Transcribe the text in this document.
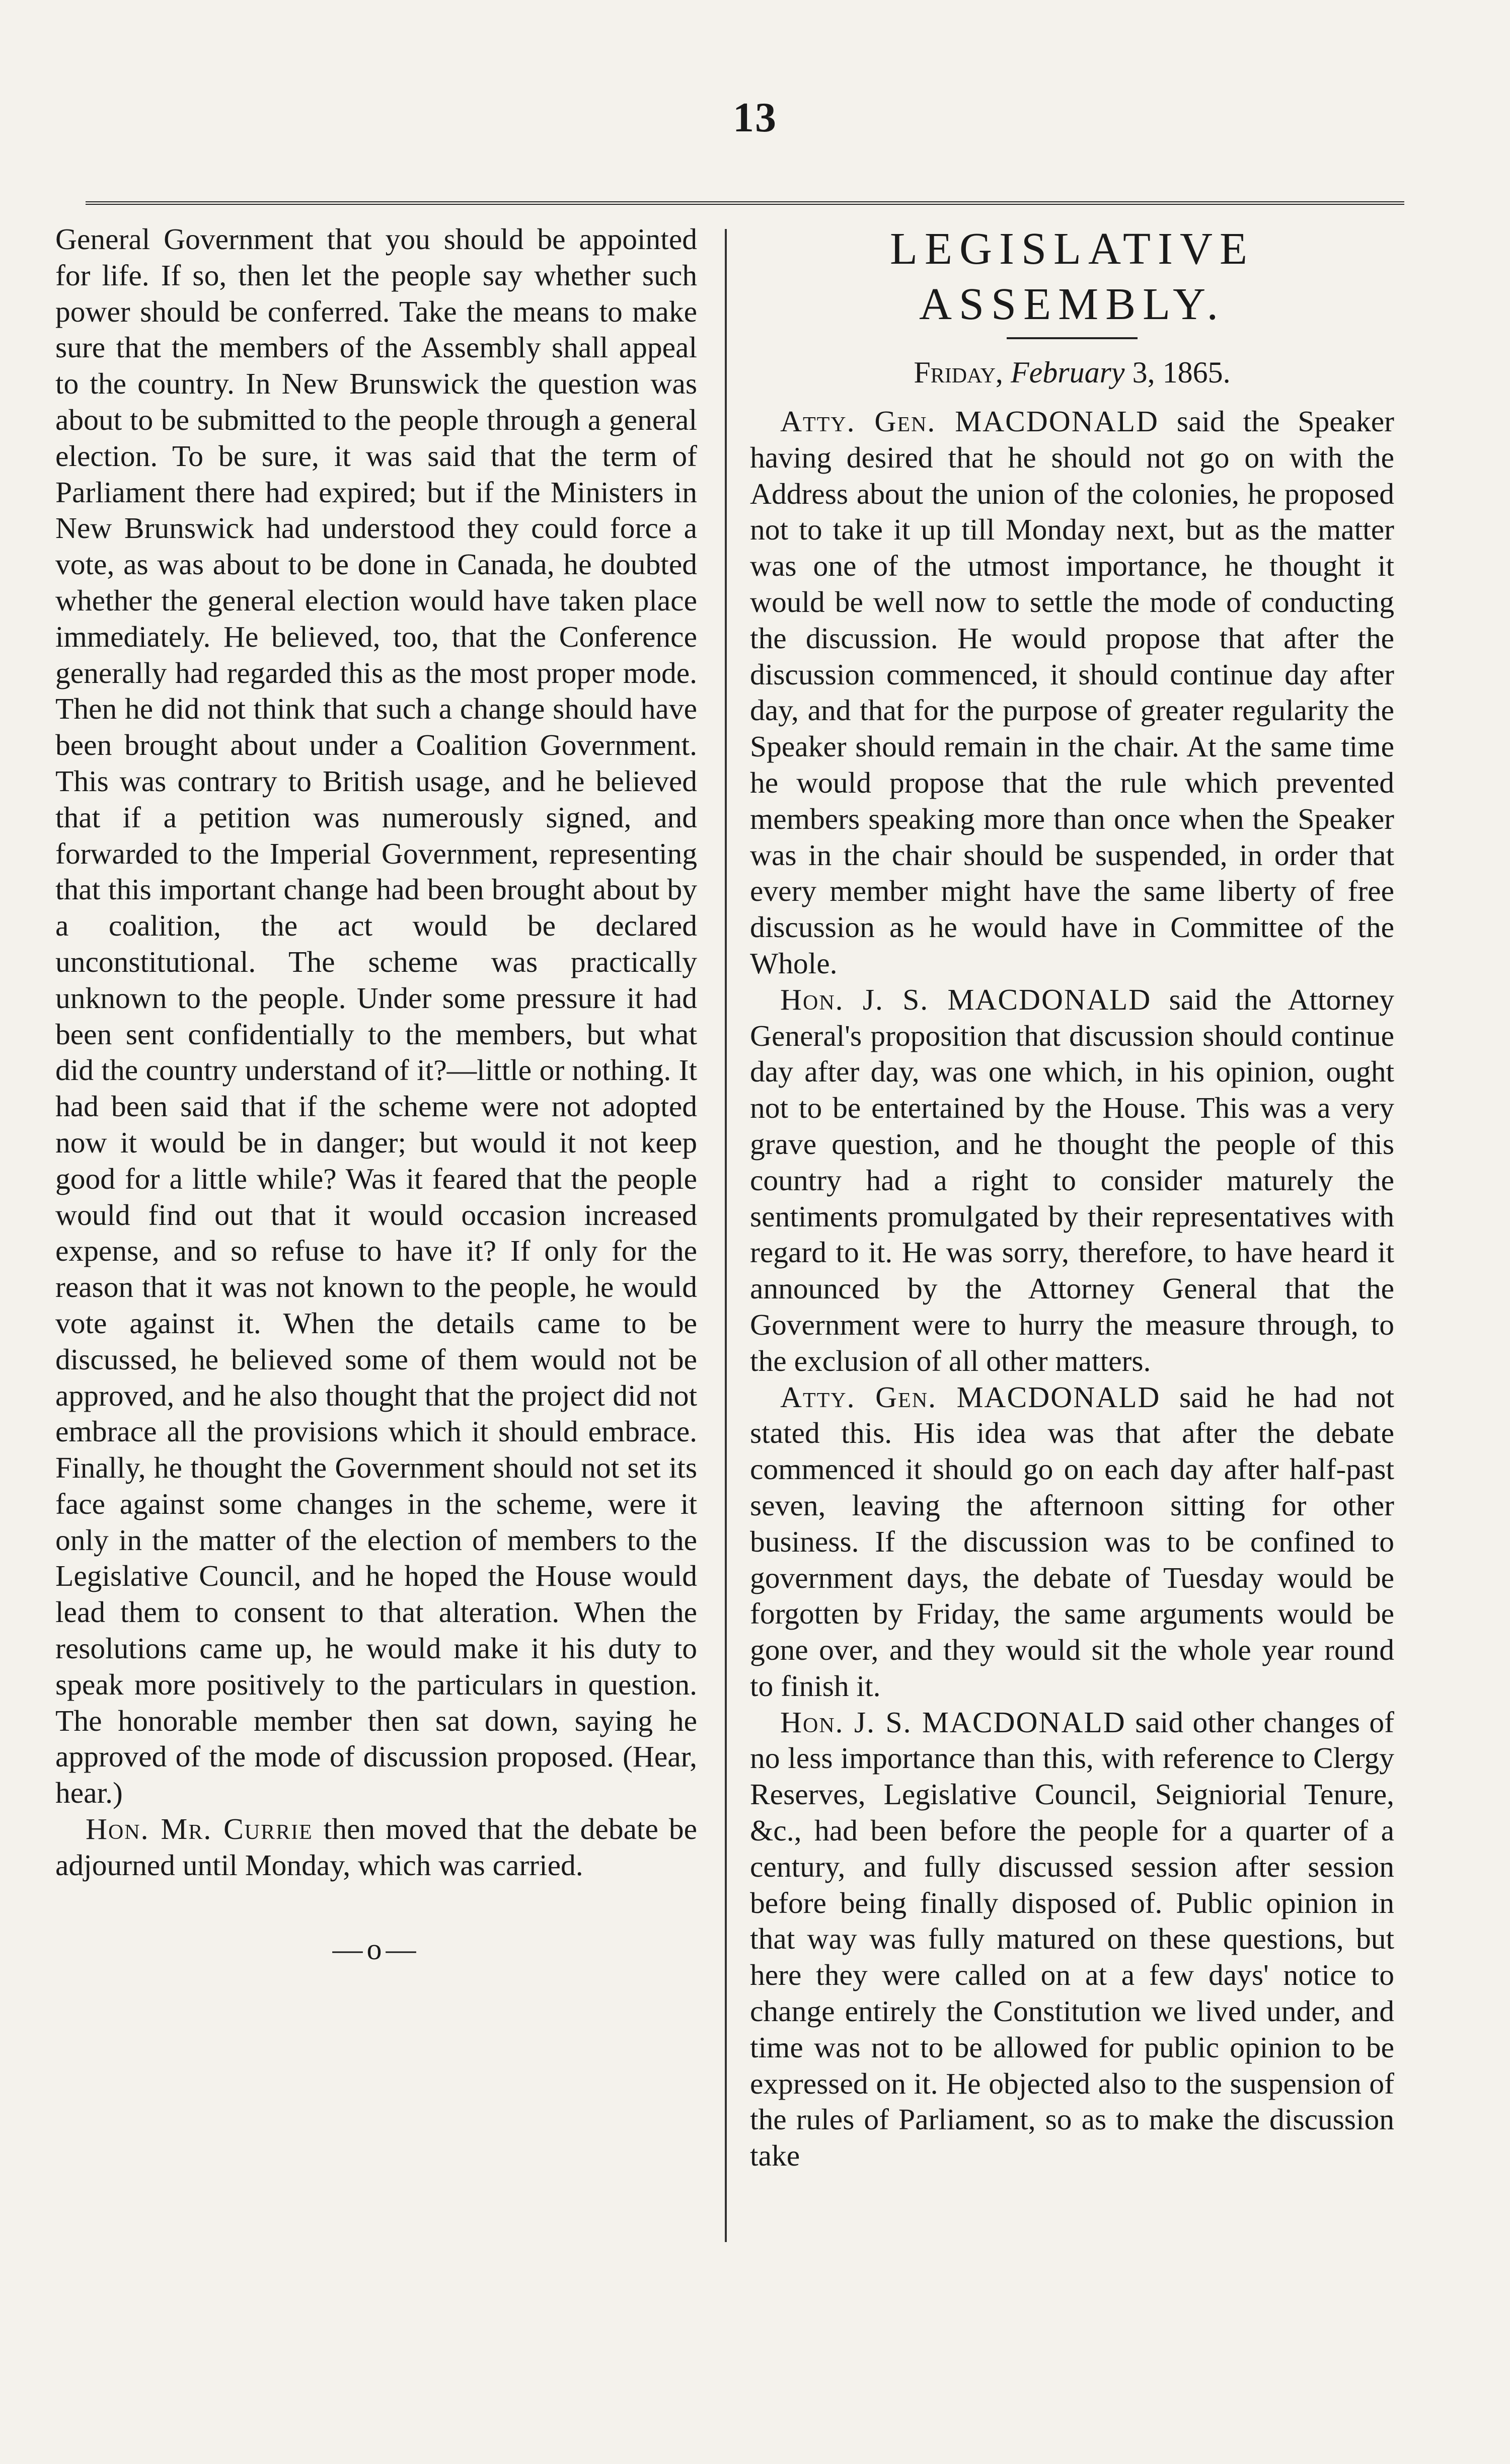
13

General Government that you should be appointed for life. If so, then let the people say whether such power should be conferred. Take the means to make sure that the members of the Assembly shall appeal to the country. In New Brunswick the question was about to be submitted to the people through a general election. To be sure, it was said that the term of Parliament there had expired; but if the Ministers in New Brunswick had understood they could force a vote, as was about to be done in Canada, he doubted whether the general election would have taken place immediately. He believed, too, that the Conference generally had regarded this as the most proper mode. Then he did not think that such a change should have been brought about under a Coalition Government. This was contrary to British usage, and he believed that if a petition was numerously signed, and forwarded to the Imperial Government, representing that this important change had been brought about by a coalition, the act would be declared unconstitutional. The scheme was practically unknown to the people. Under some pressure it had been sent confidentially to the members, but what did the country understand of it?—little or nothing. It had been said that if the scheme were not adopted now it would be in danger; but would it not keep good for a little while? Was it feared that the people would find out that it would occasion increased expense, and so refuse to have it? If only for the reason that it was not known to the people, he would vote against it. When the details came to be discussed, he believed some of them would not be approved, and he also thought that the project did not embrace all the provisions which it should embrace. Finally, he thought the Government should not set its face against some changes in the scheme, were it only in the matter of the election of members to the Legislative Council, and he hoped the House would lead them to consent to that alteration. When the resolutions came up, he would make it his duty to speak more positively to the particulars in question. The honorable member then sat down, saying he approved of the mode of discussion proposed. (Hear, hear.)

Hon. Mr. Currie then moved that the debate be adjourned until Monday, which was carried.

—o—
LEGISLATIVE ASSEMBLY.
Friday, February 3, 1865.

Atty. Gen. MACDONALD said the Speaker having desired that he should not go on with the Address about the union of the colonies, he proposed not to take it up till Monday next, but as the matter was one of the utmost importance, he thought it would be well now to settle the mode of conducting the discussion. He would propose that after the discussion commenced, it should continue day after day, and that for the purpose of greater regularity the Speaker should remain in the chair. At the same time he would propose that the rule which prevented members speaking more than once when the Speaker was in the chair should be suspended, in order that every member might have the same liberty of free discussion as he would have in Committee of the Whole.

Hon. J. S. MACDONALD said the Attorney General's proposition that discussion should continue day after day, was one which, in his opinion, ought not to be entertained by the House. This was a very grave question, and he thought the people of this country had a right to consider maturely the sentiments promulgated by their representatives with regard to it. He was sorry, therefore, to have heard it announced by the Attorney General that the Government were to hurry the measure through, to the exclusion of all other matters.

Atty. Gen. MACDONALD said he had not stated this. His idea was that after the debate commenced it should go on each day after half-past seven, leaving the afternoon sitting for other business. If the discussion was to be confined to government days, the debate of Tuesday would be forgotten by Friday, the same arguments would be gone over, and they would sit the whole year round to finish it.

Hon. J. S. MACDONALD said other changes of no less importance than this, with reference to Clergy Reserves, Legislative Council, Seigniorial Tenure, &c., had been before the people for a quarter of a century, and fully discussed session after session before being finally disposed of. Public opinion in that way was fully matured on these questions, but here they were called on at a few days' notice to change entirely the Constitution we lived under, and time was not to be allowed for public opinion to be expressed on it. He objected also to the suspension of the rules of Parliament, so as to make the discussion take
